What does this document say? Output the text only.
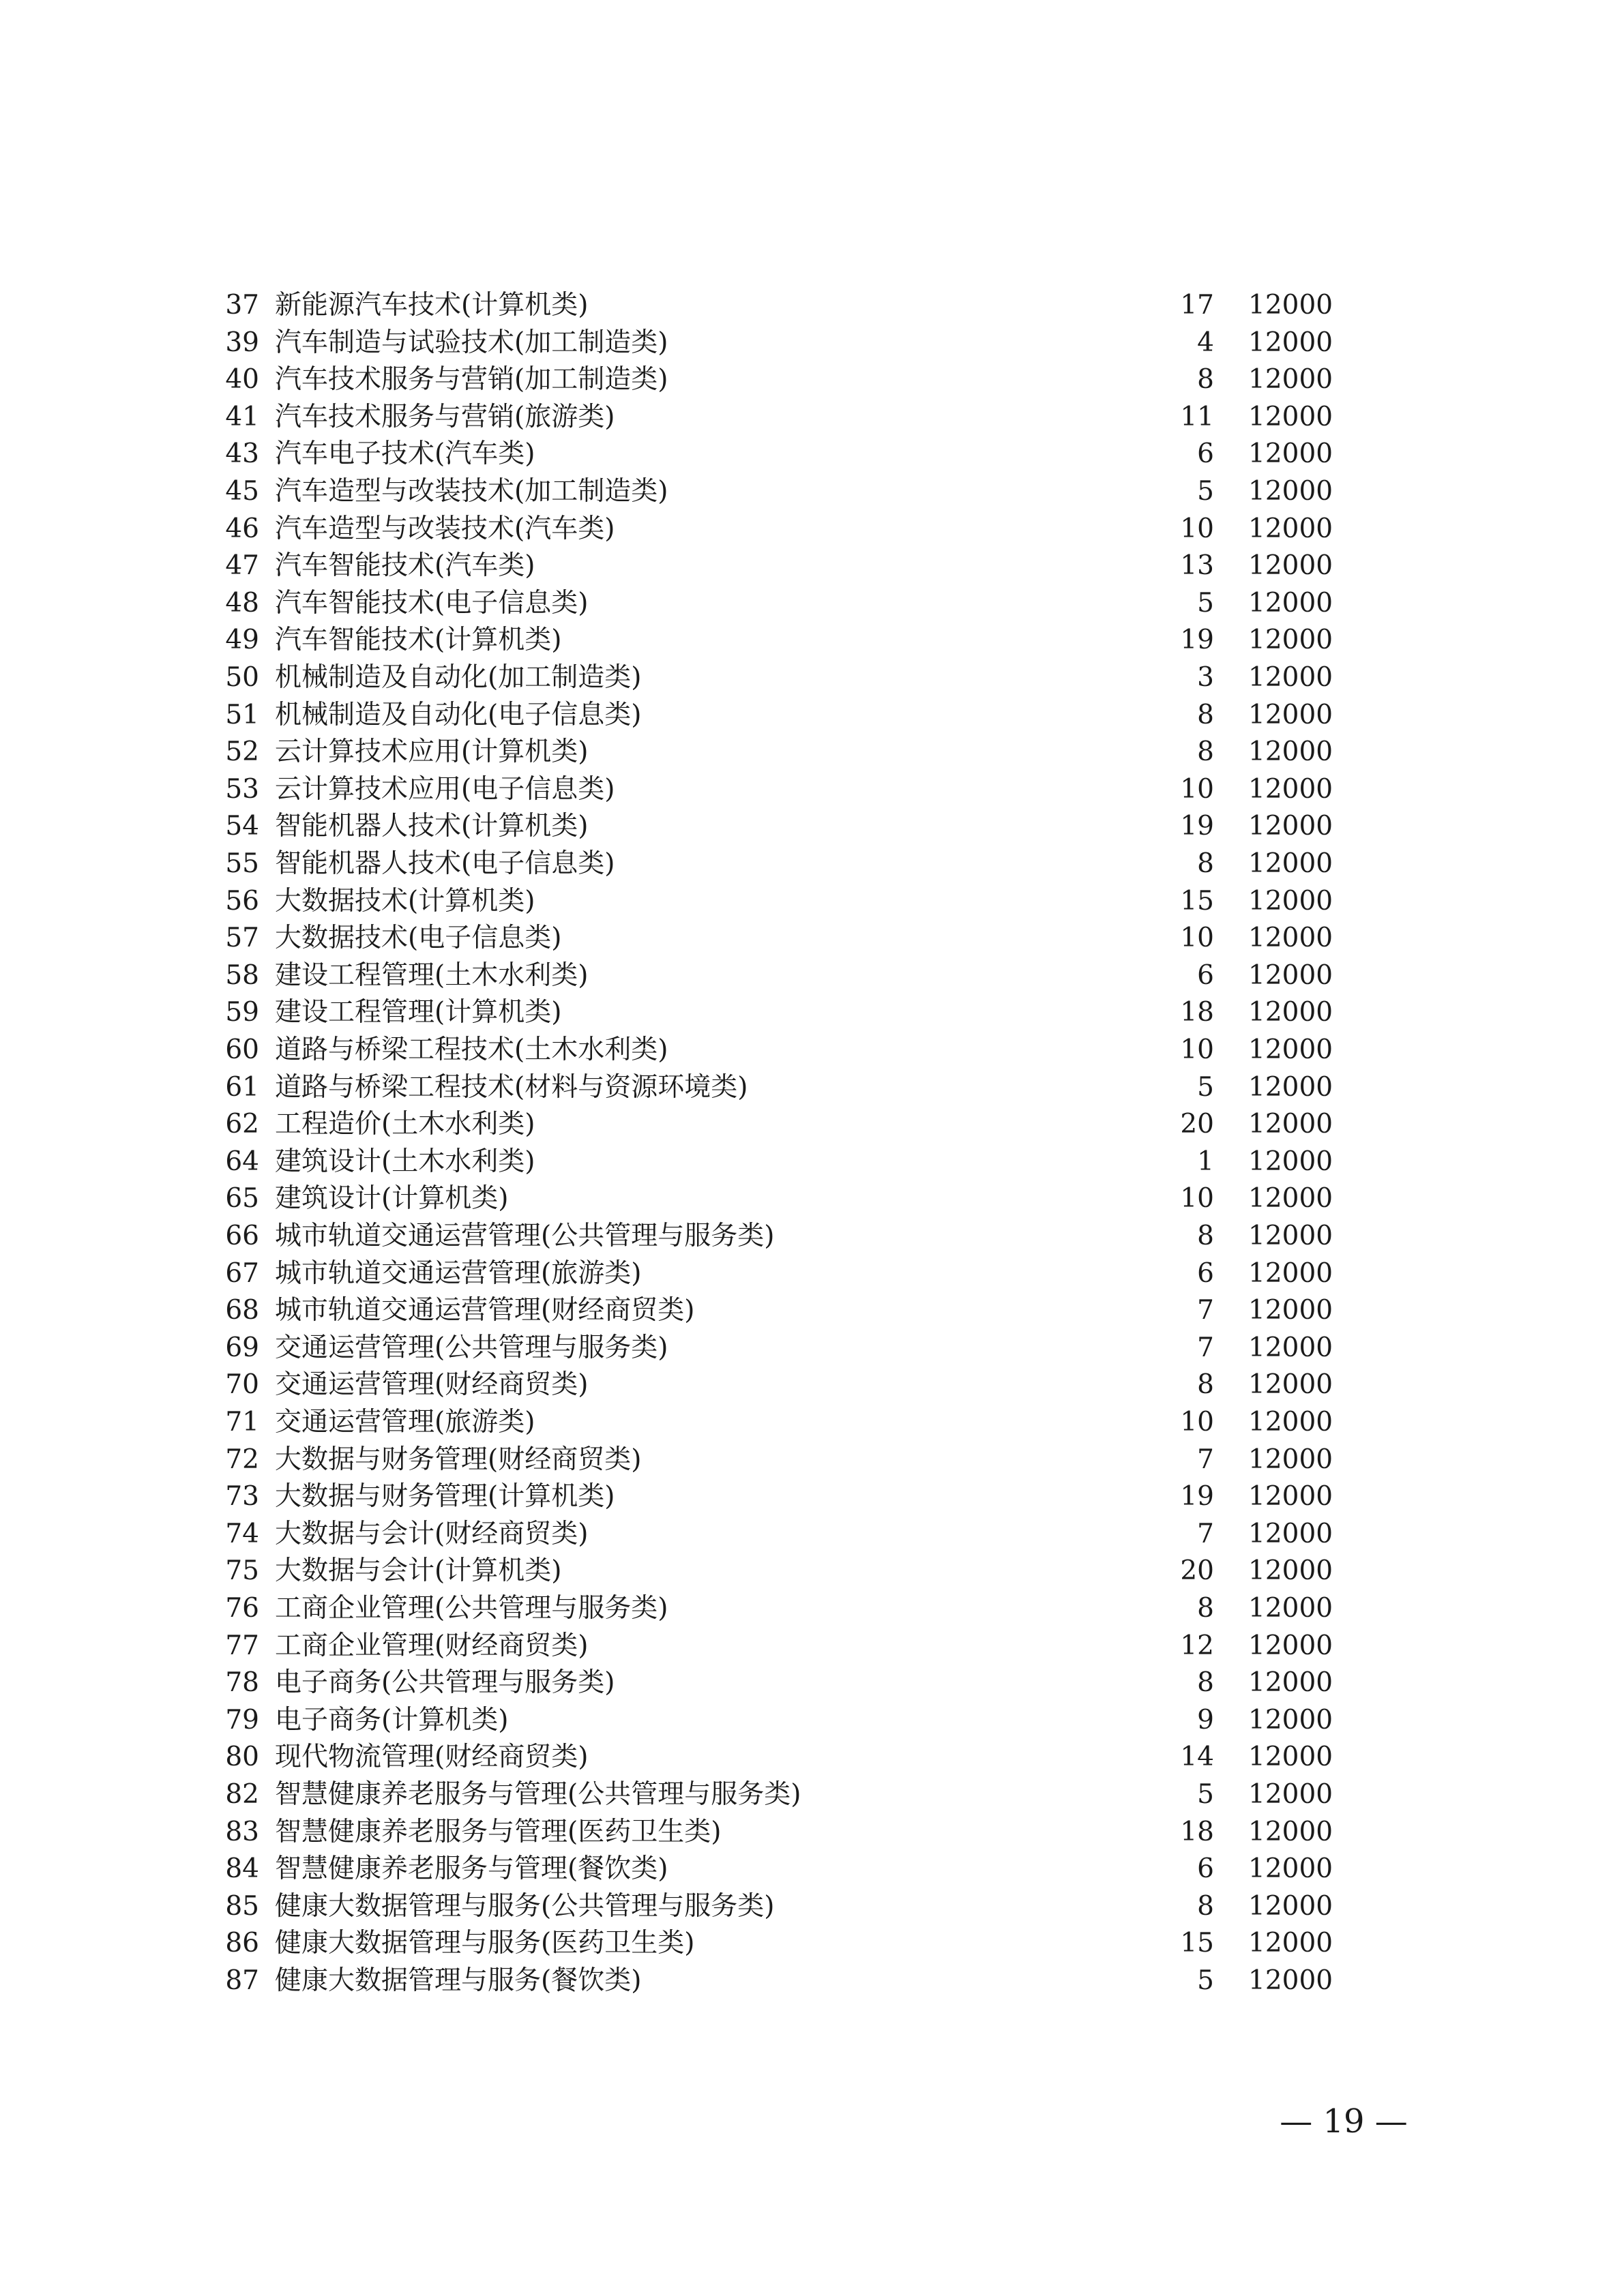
37 新能源汽车技术(计算机类)	17 12000
39 汽车制造与试验技术(加工制造类)	4 12000
40 汽车技术服务与营销(加工制造类)	8 12000
41 汽车技术服务与营销(旅游类)	11 12000
43 汽车电子技术(汽车类)	6 12000
45 汽车造型与改装技术(加工制造类)	5 12000
46 汽车造型与改装技术(汽车类)	10 12000
47 汽车智能技术(汽车类)	13 12000
48 汽车智能技术(电子信息类)	5 12000
49 汽车智能技术(计算机类)	19 12000
50 机械制造及自动化(加工制造类)	3 12000
51 机械制造及自动化(电子信息类)	8 12000
52 云计算技术应用(计算机类)	8 12000
53 云计算技术应用(电子信息类)	10 12000
54 智能机器人技术(计算机类)	19 12000
55 智能机器人技术(电子信息类)	8 12000
56 大数据技术(计算机类)	15 12000
57 大数据技术(电子信息类)	10 12000
58 建设工程管理(土木水利类)	6 12000
59 建设工程管理(计算机类)	18 12000
60 道路与桥梁工程技术(土木水利类)	10 12000
61 道路与桥梁工程技术(材料与资源环境类)	5 12000
62 工程造价(土木水利类)	20 12000
64 建筑设计(土木水利类)	1 12000
65 建筑设计(计算机类)	10 12000
66 城市轨道交通运营管理(公共管理与服务类)	8 12000
67 城市轨道交通运营管理(旅游类)	6 12000
68 城市轨道交通运营管理(财经商贸类)	7 12000
69 交通运营管理(公共管理与服务类)	7 12000
70 交通运营管理(财经商贸类)	8 12000
71 交通运营管理(旅游类)	10 12000
72 大数据与财务管理(财经商贸类)	7 12000
73 大数据与财务管理(计算机类)	19 12000
74 大数据与会计(财经商贸类)	7 12000
75 大数据与会计(计算机类)	20 12000
76 工商企业管理(公共管理与服务类)	8 12000
77 工商企业管理(财经商贸类)	12 12000
78 电子商务(公共管理与服务类)	8 12000
79 电子商务(计算机类)	9 12000
80 现代物流管理(财经商贸类)	14 12000
82 智慧健康养老服务与管理(公共管理与服务类)	5 12000
83 智慧健康养老服务与管理(医药卫生类)	18 12000
84 智慧健康养老服务与管理(餐饮类)	6 12000
85 健康大数据管理与服务(公共管理与服务类)	8 12000
86 健康大数据管理与服务(医药卫生类)	15 12000
87 健康大数据管理与服务(餐饮类)	5 12000
— 19 —
